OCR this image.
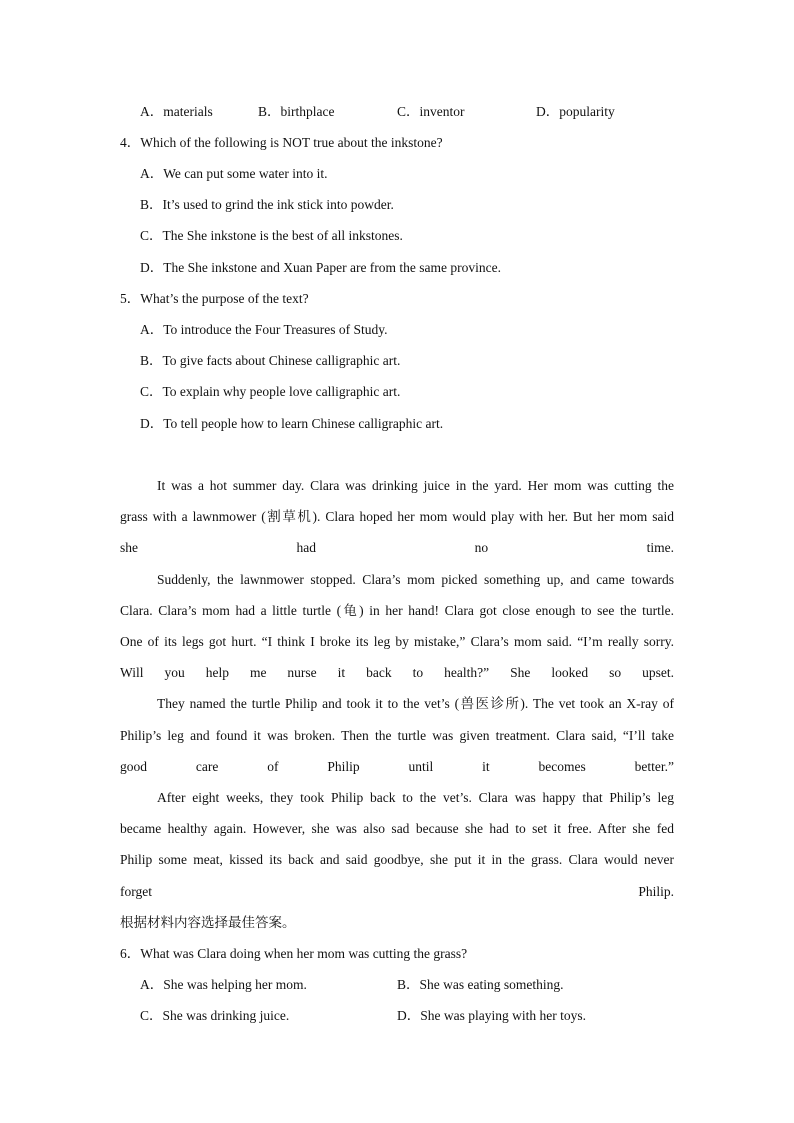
A．materials	B．birthplace	C．inventor	D．popularity
4．Which of the following is NOT true about the inkstone?
A．We can put some water into it.
B．It’s used to grind the ink stick into powder.
C．The She inkstone is the best of all inkstones.
D．The She inkstone and Xuan Paper are from the same province.
5．What’s the purpose of the text?
A．To introduce the Four Treasures of Study.
B．To give facts about Chinese calligraphic art.
C．To explain why people love calligraphic art.
D．To tell people how to learn Chinese calligraphic art.
It was a hot summer day. Clara was drinking juice in the yard. Her mom was cutting the
grass with a lawnmower (割草机). Clara hoped her mom would play with her. But her mom said
she had no time.
Suddenly, the lawnmower stopped. Clara’s mom picked something up, and came towards
Clara. Clara’s mom had a little turtle (龟) in her hand! Clara got close enough to see the turtle.
One of its legs got hurt. “I think I broke its leg by mistake,” Clara’s mom said. “I’m really sorry.
Will you help me nurse it back to health?” She looked so upset.
They named the turtle Philip and took it to the vet’s (兽医诊所). The vet took an X-ray of
Philip’s leg and found it was broken. Then the turtle was given treatment. Clara said, “I’ll take
good care of Philip until it becomes better.”
After eight weeks, they took Philip back to the vet’s. Clara was happy that Philip’s leg
became healthy again. However, she was also sad because she had to set it free. After she fed
Philip some meat, kissed its back and said goodbye, she put it in the grass. Clara would never
forget Philip.
根据材料内容选择最佳答案。
6．What was Clara doing when her mom was cutting the grass?
A．She was helping her mom.	B．She was eating something.
C．She was drinking juice.	D．She was playing with her toys.
